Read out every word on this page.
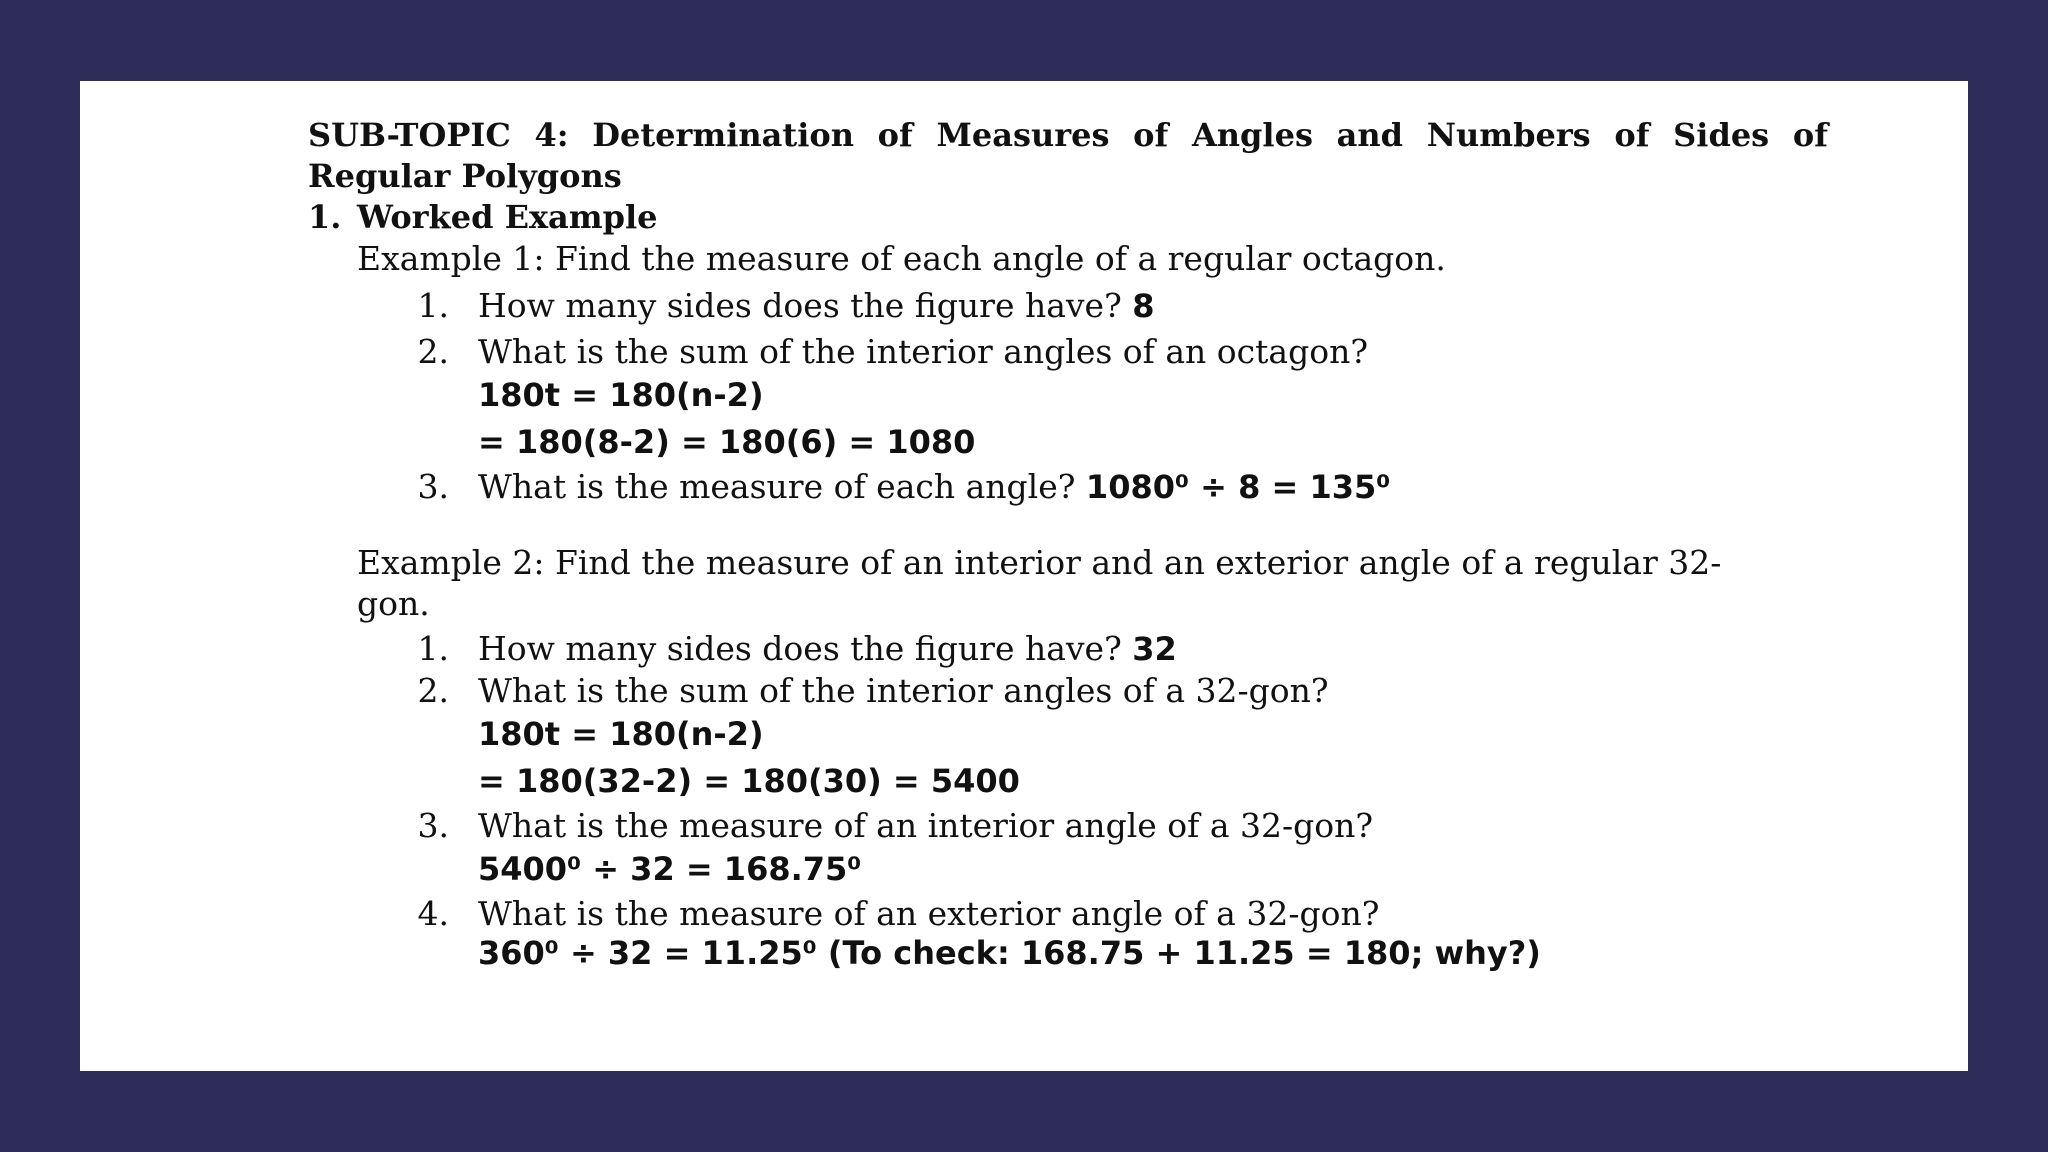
SUB-TOPIC 4: Determination of Measures of Angles and Numbers of Sides of Regular Polygons

1. Worked Example

Example 1: Find the measure of each angle of a regular octagon.

1. How many sides does the figure have? 8
2. What is the sum of the interior angles of an octagon?
180t = 180(n-2)
= 180(8-2) = 180(6) = 1080
3. What is the measure of each angle? 1080⁰ ÷ 8 = 135⁰

Example 2: Find the measure of an interior and an exterior angle of a regular 32-gon.

1. How many sides does the figure have? 32
2. What is the sum of the interior angles of a 32-gon?
180t = 180(n-2)
= 180(32-2) = 180(30) = 5400
3. What is the measure of an interior angle of a 32-gon?
5400⁰ ÷ 32 = 168.75⁰
4. What is the measure of an exterior angle of a 32-gon?
360⁰ ÷ 32 = 11.25⁰ (To check: 168.75 + 11.25 = 180; why?)
